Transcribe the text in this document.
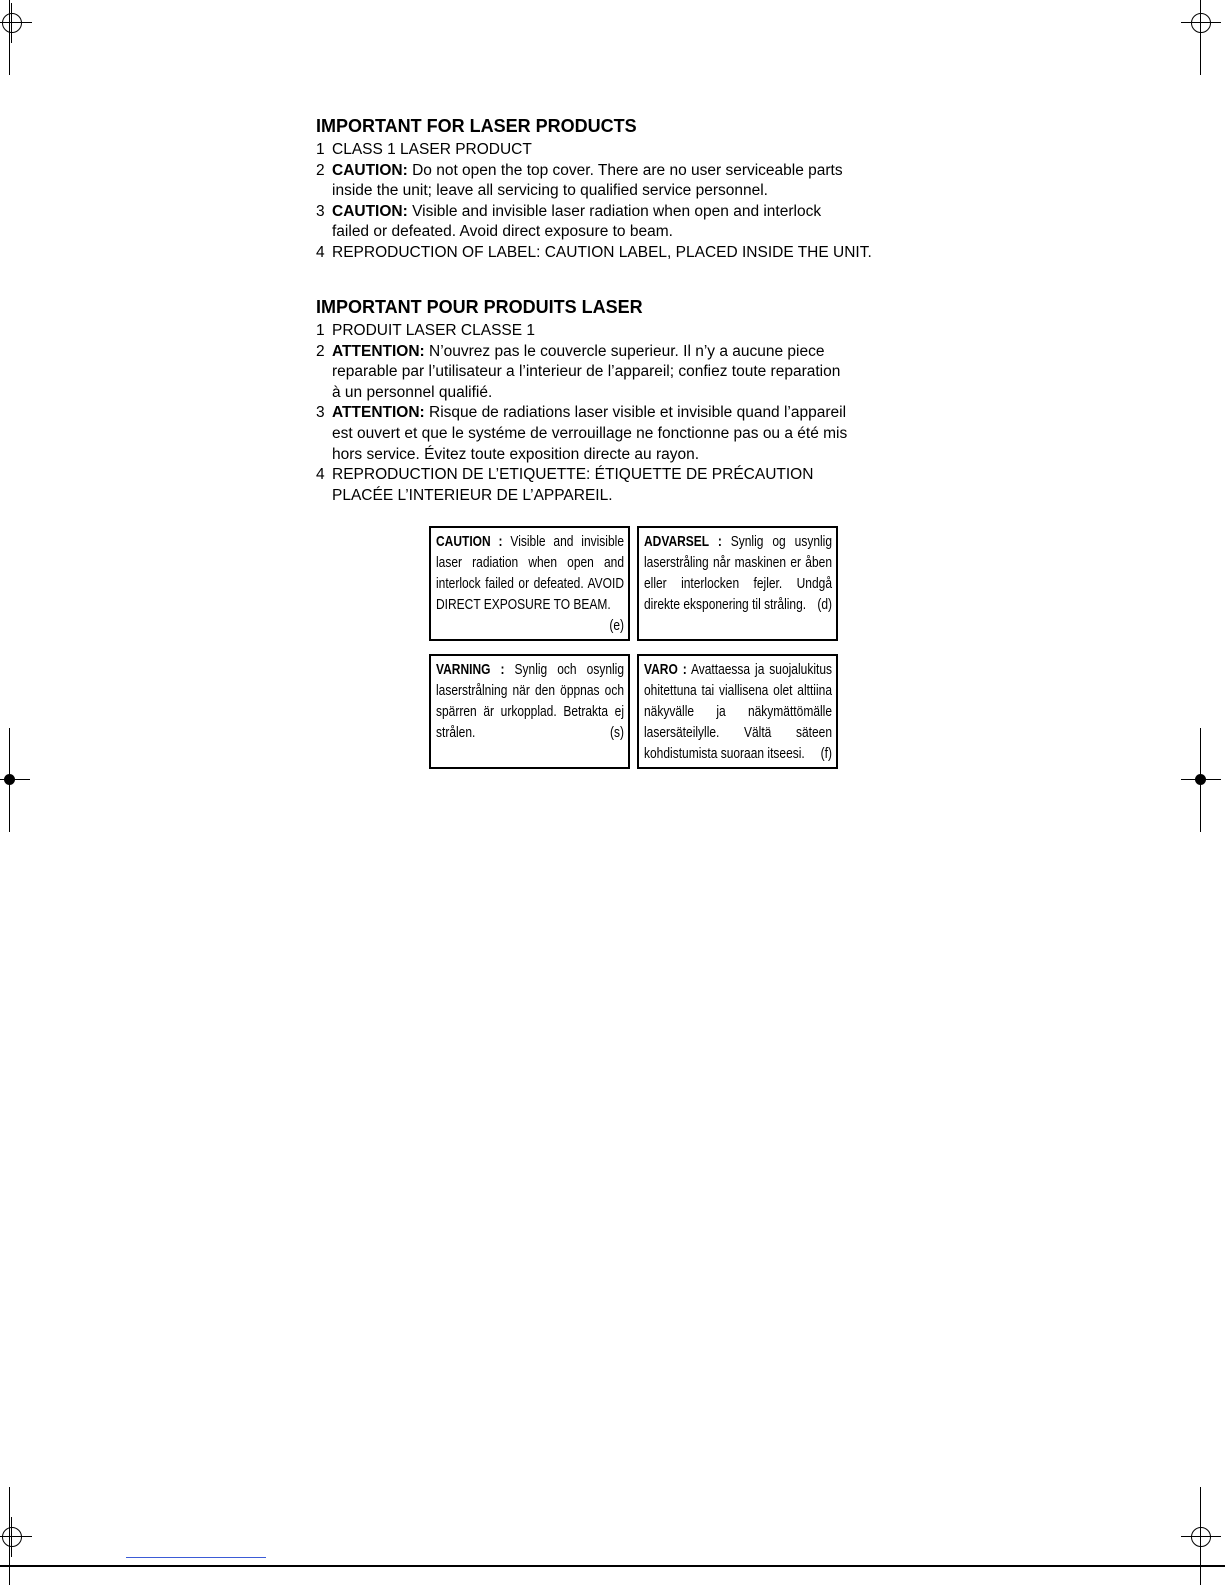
IMPORTANT FOR LASER PRODUCTS
1 CLASS 1 LASER PRODUCT
2 CAUTION: Do not open the top cover. There are no user serviceable parts
inside the unit; leave all servicing to qualified service personnel.
3 CAUTION: Visible and invisible laser radiation when open and interlock
failed or defeated. Avoid direct exposure to beam.
4 REPRODUCTION OF LABEL: CAUTION LABEL, PLACED INSIDE THE UNIT.
IMPORTANT POUR PRODUITS LASER
1 PRODUIT LASER CLASSE 1
2 ATTENTION: N’ouvrez pas le couvercle superieur. Il n’y a aucune piece
reparable par l’utilisateur a l’interieur de l’appareil; confiez toute reparation
à un personnel qualifié.
3 ATTENTION: Risque de radiations laser visible et invisible quand l’appareil
est ouvert et que le systéme de verrouillage ne fonctionne pas ou a été mis
hors service. Évitez toute exposition directe au rayon.
4 REPRODUCTION DE L’ETIQUETTE: ÉTIQUETTE DE PRÉCAUTION
PLACÉE L’INTERIEUR DE L’APPAREIL.
CAUTION : Visible and invisible laser radiation when open and interlock failed or defeated. AVOID DIRECT EXPOSURE TO BEAM.
(e)
ADVARSEL : Synlig og usynlig laserstråling når maskinen er åben eller interlocken fejler. Undgå direkte eksponering til stråling. (d)
VARNING : Synlig och osynlig laserstrålning när den öppnas och spärren är urkopplad. Betrakta ej strålen.	(s)
VARO : Avattaessa ja suojalukitus ohitettuna tai viallisena olet alttiina näkyvälle ja näkymättömälle lasersäteilylle. Vältä säteen kohdistumista suoraan itseesi. (f)
